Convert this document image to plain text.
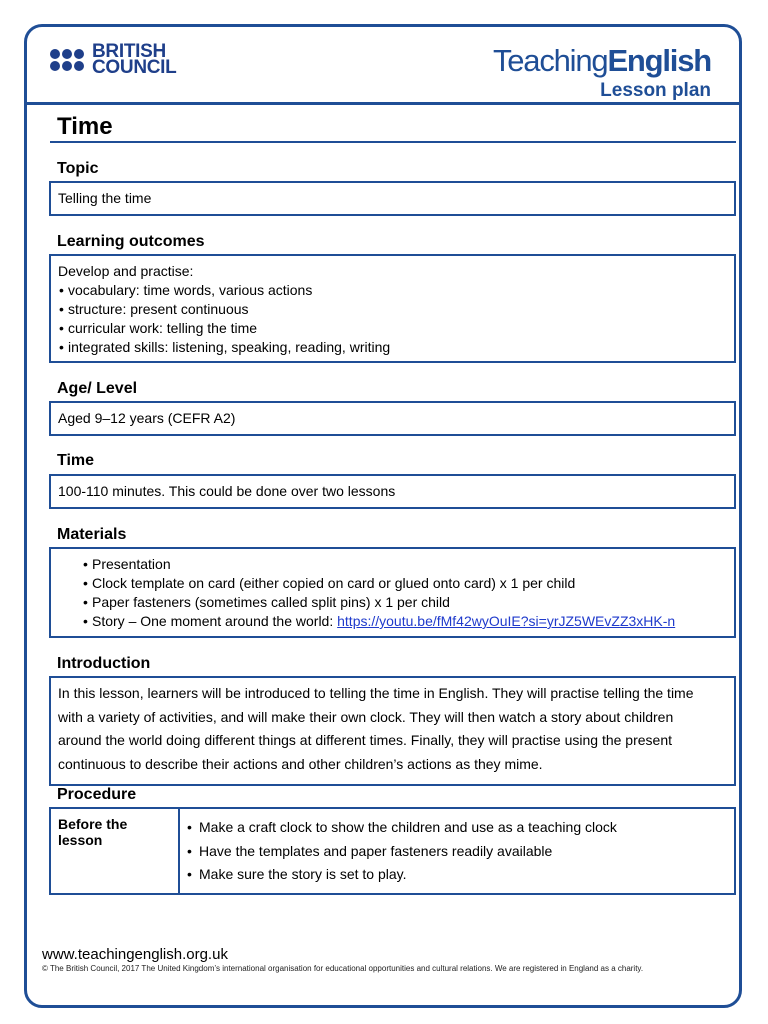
BRITISH
COUNCIL	TeachingEnglish
Lesson plan
Time
Topic
Telling the time
Learning outcomes
Develop and practise:
• vocabulary: time words, various actions
• structure: present continuous
• curricular work: telling the time
• integrated skills: listening, speaking, reading, writing
Age/ Level
Aged 9–12 years (CEFR A2)
Time
100-110 minutes. This could be done over two lessons
Materials
• Presentation
• Clock template on card (either copied on card or glued onto card) x 1 per child
• Paper fasteners (sometimes called split pins) x 1 per child
• Story – One moment around the world: https://youtu.be/fMf42wyOuIE?si=yrJZ5WEvZZ3xHK-n
Introduction
In this lesson, learners will be introduced to telling the time in English. They will practise telling the time
with a variety of activities, and will make their own clock. They will then watch a story about children
around the world doing different things at different times. Finally, they will practise using the present
continuous to describe their actions and other children’s actions as they mime.
Procedure
Before the lesson
• Make a craft clock to show the children and use as a teaching clock
• Have the templates and paper fasteners readily available
• Make sure the story is set to play.
www.teachingenglish.org.uk
© The British Council, 2017 The United Kingdom’s international organisation for educational opportunities and cultural relations. We are registered in England as a charity.
